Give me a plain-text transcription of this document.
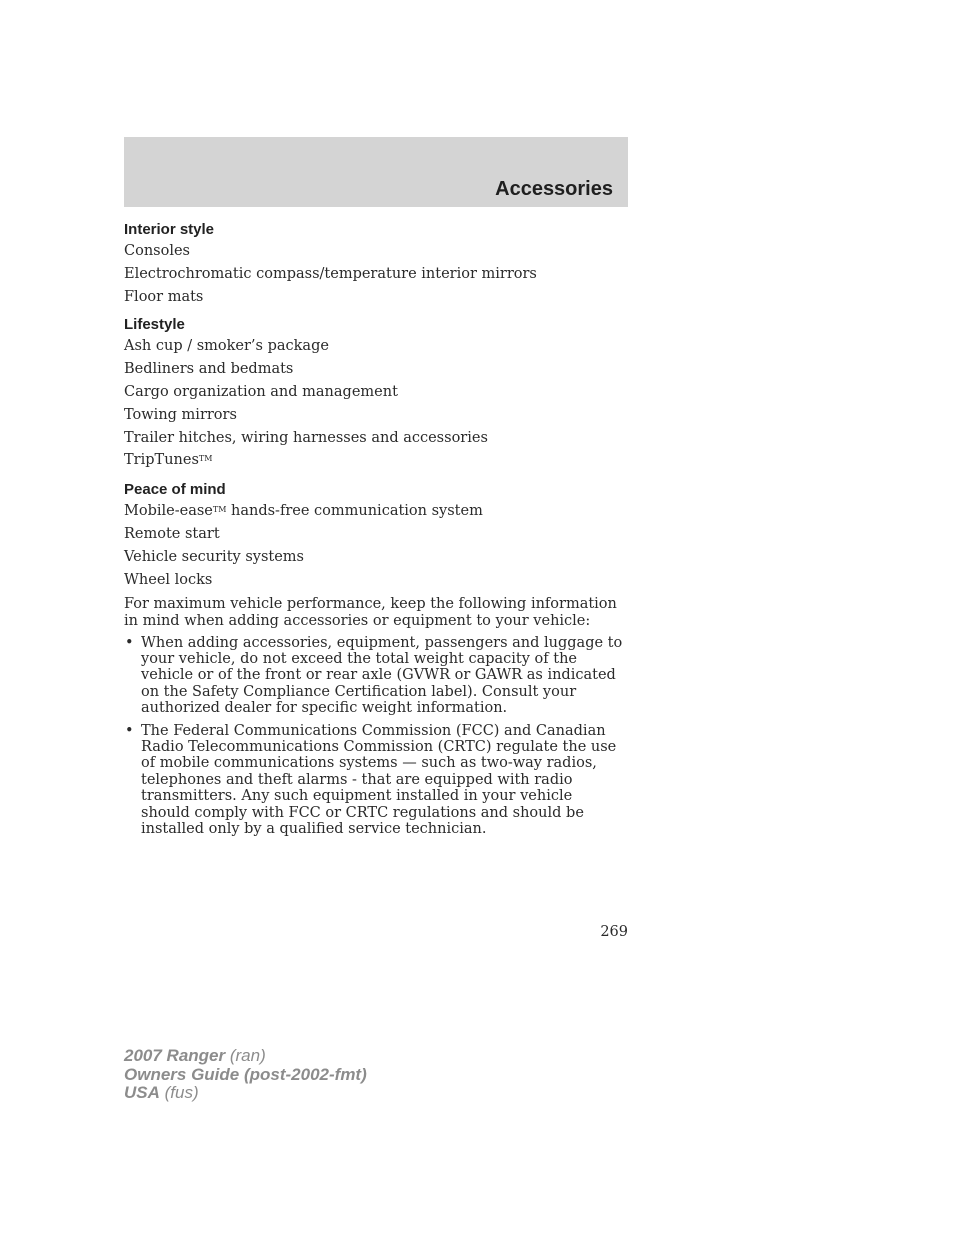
Accessories
Interior style
Consoles
Electrochromatic compass/temperature interior mirrors
Floor mats
Lifestyle
Ash cup / smoker’s package
Bedliners and bedmats
Cargo organization and management
Towing mirrors
Trailer hitches, wiring harnesses and accessories
TripTunes™
Peace of mind
Mobile-ease™ hands-free communication system
Remote start
Vehicle security systems
Wheel locks

For maximum vehicle performance, keep the following information in mind when adding accessories or equipment to your vehicle:

• When adding accessories, equipment, passengers and luggage to your vehicle, do not exceed the total weight capacity of the vehicle or of the front or rear axle (GVWR or GAWR as indicated on the Safety Compliance Certification label). Consult your authorized dealer for specific weight information.
• The Federal Communications Commission (FCC) and Canadian Radio Telecommunications Commission (CRTC) regulate the use of mobile communications systems — such as two-way radios, telephones and theft alarms - that are equipped with radio transmitters. Any such equipment installed in your vehicle should comply with FCC or CRTC regulations and should be installed only by a qualified service technician.

269

2007 Ranger (ran)
Owners Guide (post-2002-fmt)
USA (fus)
